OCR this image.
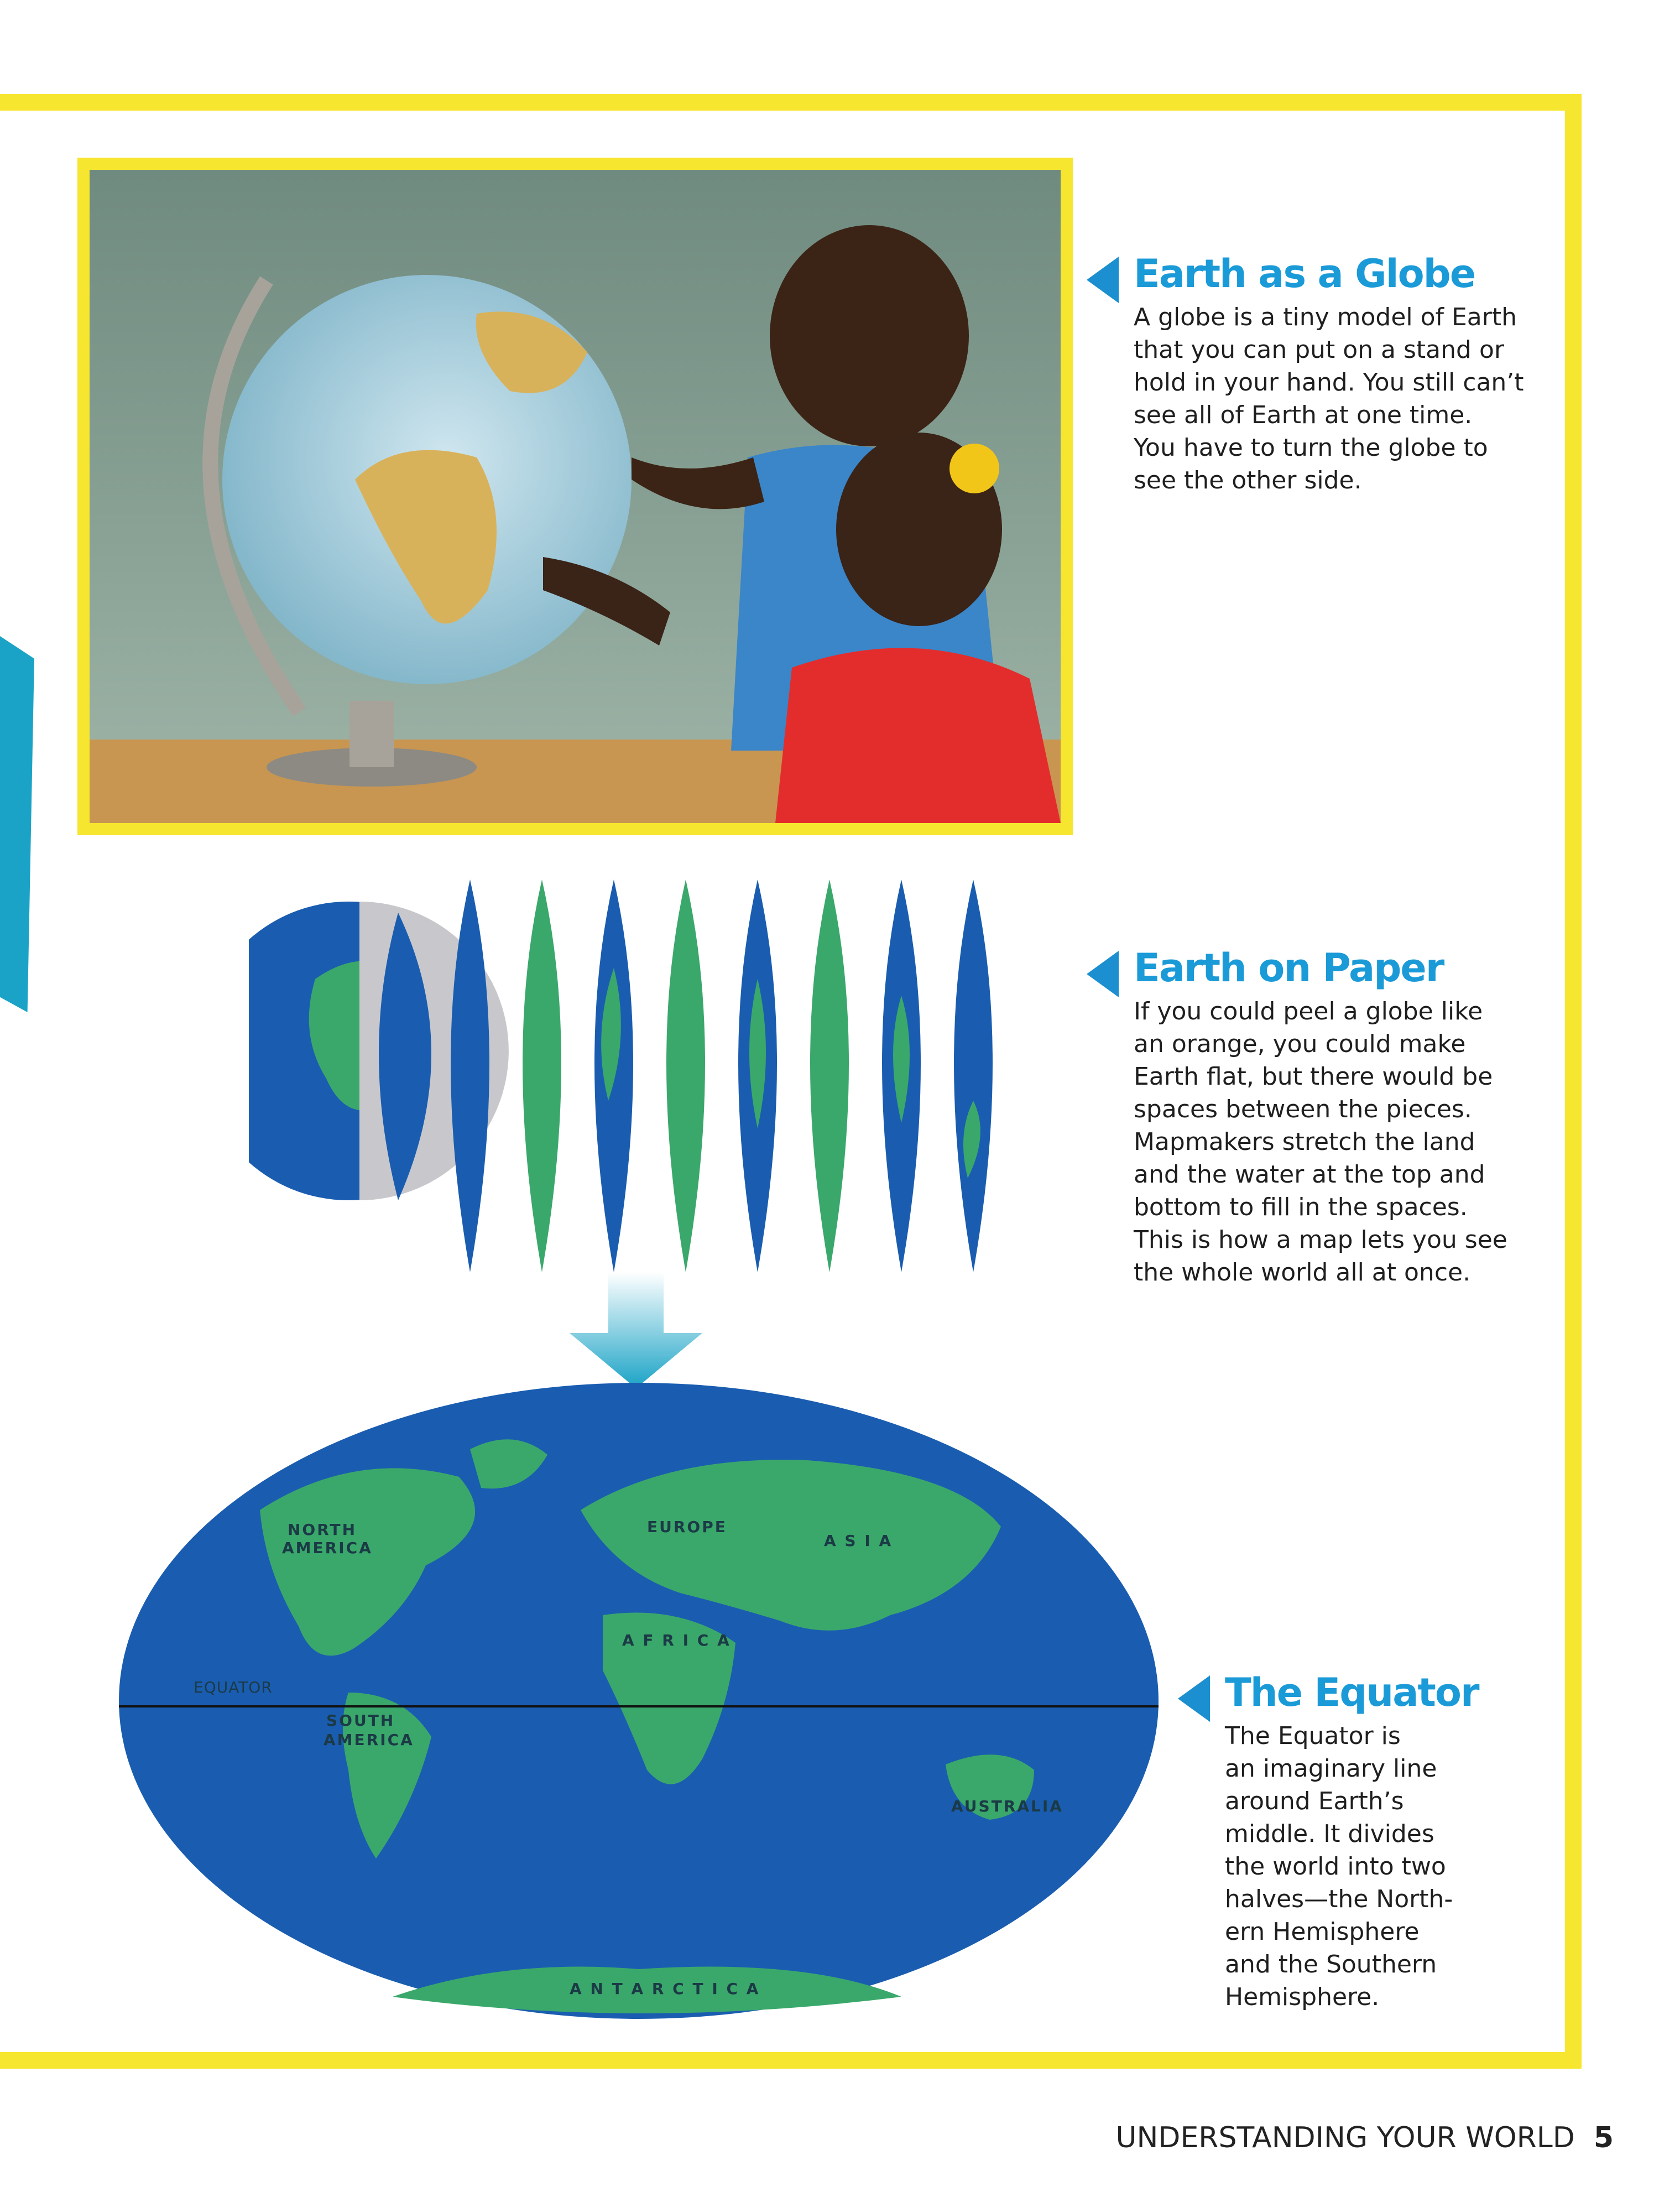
NORTH
AMERICA
EUROPE
A S I A
A F R I C A
SOUTH
AMERICA
AUSTRALIA
A N T A R C T I C A
EQUATOR
Earth as a Globe
A globe is a tiny model of Earth
that you can put on a stand or
hold in your hand. You still can’t
see all of Earth at one time.
You have to turn the globe to
see the other side.
Earth on Paper
If you could peel a globe like
an orange, you could make
Earth flat, but there would be
spaces between the pieces.
Mapmakers stretch the land
and the water at the top and
bottom to fill in the spaces.
This is how a map lets you see
the whole world all at once.
The Equator
The Equator is
an imaginary line
around Earth’s
middle. It divides
the world into two
halves—the North-
ern Hemisphere
and the Southern
Hemisphere.
UNDERSTANDING YOUR WORLD 5
